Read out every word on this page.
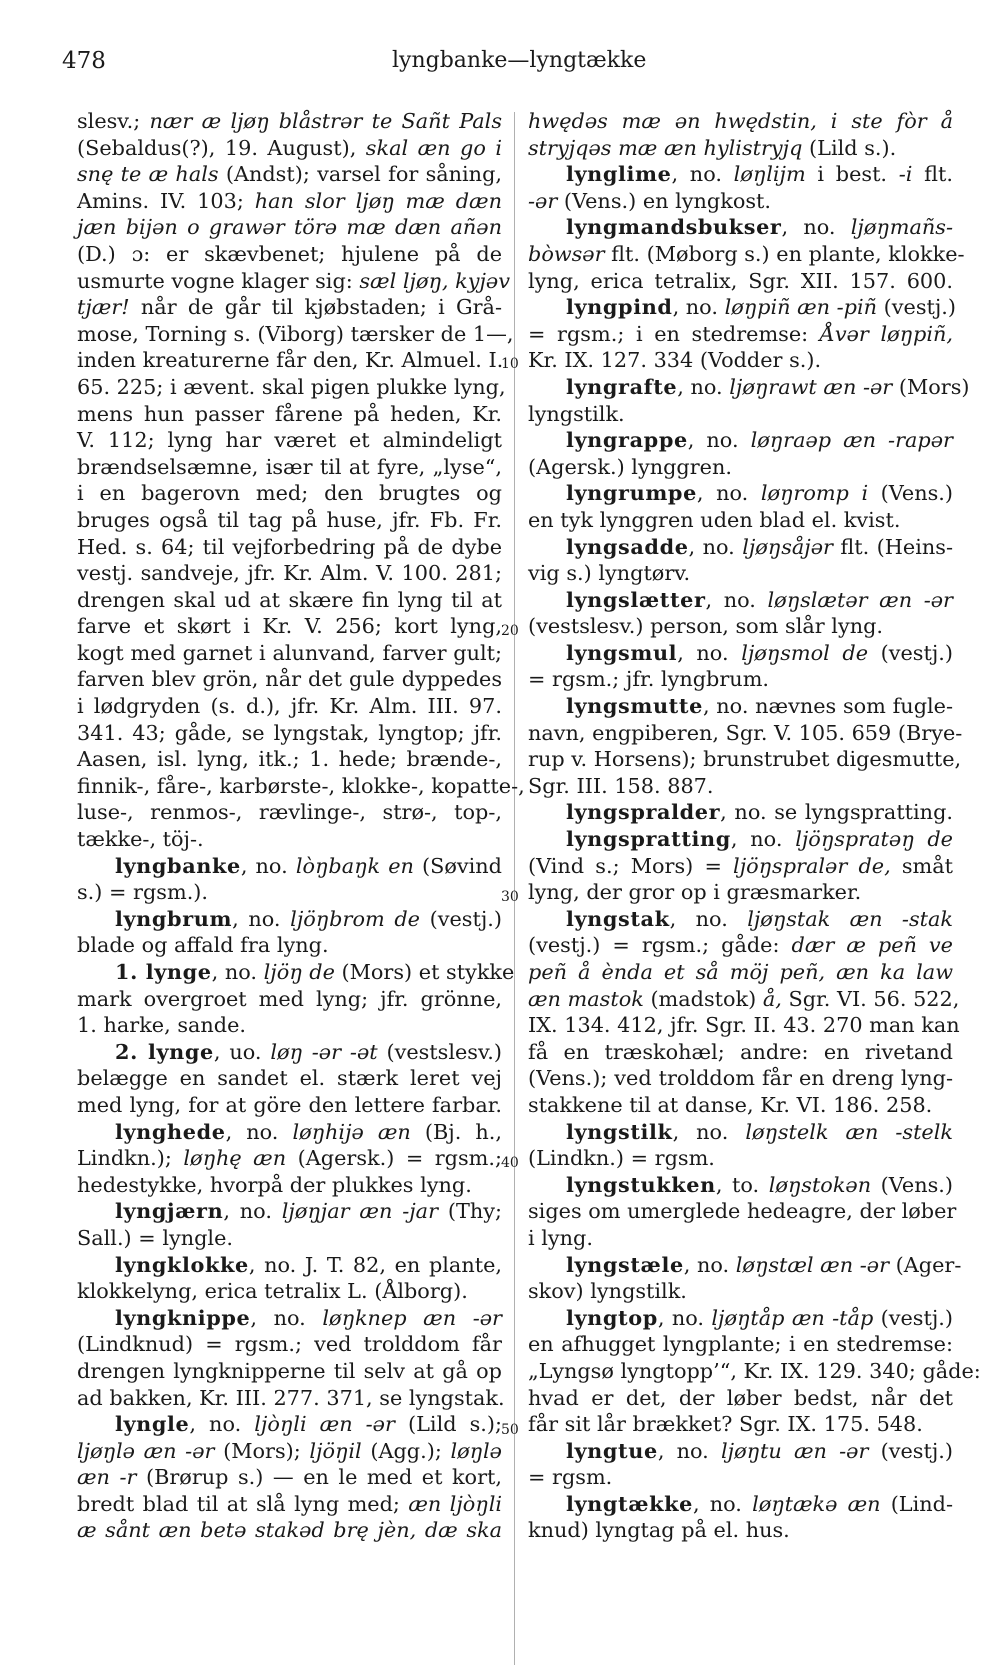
478	lyngbanke—lyngtække
slesv.; nær æ ljøŋ blåstrər te Sañt Pals
(Sebaldus(?), 19. August), skal æn go i
snę te æ hals (Andst); varsel for såning,
Amins. IV. 103; han slor ljøŋ mæ dæn
jæn bijən o grawər törə mæ dæn añən
(D.) ɔ: er skævbenet; hjulene på de
usmurte vogne klager sig: sæl ljøŋ, kyjəv
tjær! når de går til kjøbstaden; i Grå-
mose, Torning s. (Viborg) tærsker de 1—,
inden kreaturerne får den, Kr. Almuel. I.
65. 225; i ævent. skal pigen plukke lyng,
mens hun passer fårene på heden, Kr.
V. 112; lyng har været et almindeligt
brændselsæmne, især til at fyre, „lyse“,
i en bagerovn med; den brugtes og
bruges også til tag på huse, jfr. Fb. Fr.
Hed. s. 64; til vejforbedring på de dybe
vestj. sandveje, jfr. Kr. Alm. V. 100. 281;
drengen skal ud at skære fin lyng til at
farve et skørt i Kr. V. 256; kort lyng,
kogt med garnet i alunvand, farver gult;
farven blev grön, når det gule dyppedes
i lødgryden (s. d.), jfr. Kr. Alm. III. 97.
341. 43; gåde, se lyngstak, lyngtop; jfr.
Aasen, isl. lyng, itk.; 1. hede; brænde-,
finnik-, fåre-, karbørste-, klokke-, kopatte-,
luse-, renmos-, rævlinge-, strø-, top-,
tække-, töj-.
lyngbanke, no. lòŋbaŋk en (Søvind
s.) = rgsm.).
lyngbrum, no. ljöŋbrom de (vestj.)
blade og affald fra lyng.
1. lynge, no. ljöŋ de (Mors) et stykke
mark overgroet med lyng; jfr. grönne,
1. harke, sande.
2. lynge, uo. løŋ -ər -ət (vestslesv.)
belægge en sandet el. stærk leret vej
med lyng, for at göre den lettere farbar.
lynghede, no. løŋhijə æn (Bj. h.,
Lindkn.); løŋhę æn (Agersk.) = rgsm.;
hedestykke, hvorpå der plukkes lyng.
lyngjærn, no. ljøŋjar æn -jar (Thy;
Sall.) = lyngle.
lyngklokke, no. J. T. 82, en plante,
klokkelyng, erica tetralix L. (Ålborg).
lyngknippe, no. løŋknep æn -ər
(Lindknud) = rgsm.; ved trolddom får
drengen lyngknipperne til selv at gå op
ad bakken, Kr. III. 277. 371, se lyngstak.
lyngle, no. ljòŋli æn -ər (Lild s.);
ljøŋlə æn -ər (Mors); ljöŋil (Agg.); løŋlə
æn -r (Brørup s.) — en le med et kort,
bredt blad til at slå lyng med; æn ljòŋli
æ sånt æn betə stakəd brę jèn, dæ ska
hwędəs mæ ən hwędstin, i ste fòr å
stryjqəs mæ æn hylistryjq (Lild s.).
lynglime, no. løŋlijm i best. -i flt.
-ər (Vens.) en lyngkost.
lyngmandsbukser, no. ljøŋmañs-
bòwsər flt. (Møborg s.) en plante, klokke-
lyng, erica tetralix, Sgr. XII. 157. 600.
lyngpind, no. løŋpiñ æn -piñ (vestj.)
= rgsm.; i en stedremse: Åvər løŋpiñ,
Kr. IX. 127. 334 (Vodder s.).
lyngrafte, no. ljøŋrawt æn -ər (Mors)
lyngstilk.
lyngrappe, no. løŋraəp æn -rapər
(Agersk.) lynggren.
lyngrumpe, no. løŋromp i (Vens.)
en tyk lynggren uden blad el. kvist.
lyngsadde, no. ljøŋsåjər flt. (Heins-
vig s.) lyngtørv.
lyngslætter, no. løŋslætər æn -ər
(vestslesv.) person, som slår lyng.
lyngsmul, no. ljøŋsmol de (vestj.)
= rgsm.; jfr. lyngbrum.
lyngsmutte, no. nævnes som fugle-
navn, engpiberen, Sgr. V. 105. 659 (Brye-
rup v. Horsens); brunstrubet digesmutte,
Sgr. III. 158. 887.
lyngspralder, no. se lyngspratting.
lyngspratting, no. ljöŋspratəŋ de
(Vind s.; Mors) = ljöŋspralər de, småt
lyng, der gror op i græsmarker.
lyngstak, no. ljøŋstak æn -stak
(vestj.) = rgsm.; gåde: dær æ peñ ve
peñ å ènda et så möj peñ, æn ka law
æn mastok (madstok) å, Sgr. VI. 56. 522,
IX. 134. 412, jfr. Sgr. II. 43. 270 man kan
få en træskohæl; andre: en rivetand
(Vens.); ved trolddom får en dreng lyng-
stakkene til at danse, Kr. VI. 186. 258.
lyngstilk, no. løŋstelk æn -stelk
(Lindkn.) = rgsm.
lyngstukken, to. løŋstokən (Vens.)
siges om umerglede hedeagre, der løber
i lyng.
lyngstæle, no. løŋstæl æn -ər (Ager-
skov) lyngstilk.
lyngtop, no. ljøŋtåp æn -tåp (vestj.)
en afhugget lyngplante; i en stedremse:
„Lyngsø lyngtopp’“, Kr. IX. 129. 340; gåde:
hvad er det, der løber bedst, når det
får sit lår brækket? Sgr. IX. 175. 548.
lyngtue, no. ljøŋtu æn -ər (vestj.)
= rgsm.
lyngtække, no. løŋtækə æn (Lind-
knud) lyngtag på el. hus.
10
20
30
40
50
